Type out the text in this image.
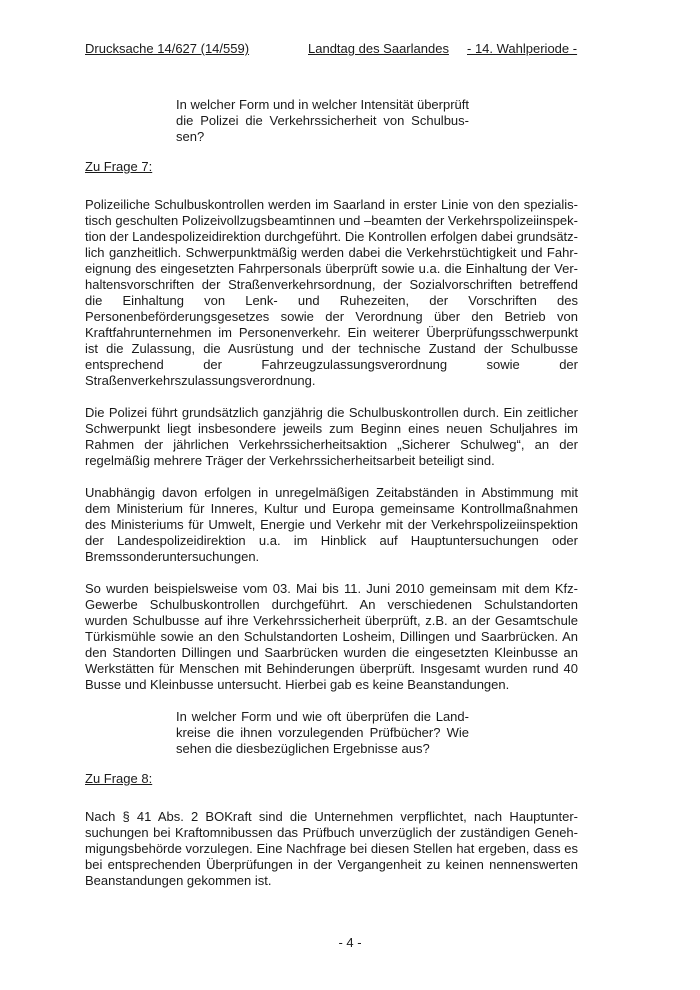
Drucksache 14/627 (14/559)	Landtag des Saarlandes - 14. Wahlperiode -
In welcher Form und in welcher Intensität überprüft die Polizei die Verkehrssicherheit von Schulbussen?
Zu Frage 7:

Polizeiliche Schulbuskontrollen werden im Saarland in erster Linie von den spezialistisch geschulten Polizeivollzugsbeamtinnen und –beamten der Verkehrspolizeiinspektion der Landespolizeidirektion durchgeführt. Die Kontrollen erfolgen dabei grundsätzlich ganzheitlich. Schwerpunktmäßig werden dabei die Verkehrstüchtigkeit und Fahreignung des eingesetzten Fahrpersonals überprüft sowie u.a. die Einhaltung der Verhaltensvorschriften der Straßenverkehrsordnung, der Sozialvorschriften betreffend die Einhaltung von Lenk- und Ruhezeiten, der Vorschriften des Personenbeförderungsgesetzes sowie der Verordnung über den Betrieb von Kraftfahrunternehmen im Personenverkehr. Ein weiterer Überprüfungsschwerpunkt ist die Zulassung, die Ausrüstung und der technische Zustand der Schulbusse entsprechend der Fahrzeugzulassungsverordnung sowie der Straßenverkehrszulassungsverordnung.

Die Polizei führt grundsätzlich ganzjährig die Schulbuskontrollen durch. Ein zeitlicher Schwerpunkt liegt insbesondere jeweils zum Beginn eines neuen Schuljahres im Rahmen der jährlichen Verkehrssicherheitsaktion „Sicherer Schulweg“, an der regelmäßig mehrere Träger der Verkehrssicherheitsarbeit beteiligt sind.

Unabhängig davon erfolgen in unregelmäßigen Zeitabständen in Abstimmung mit dem Ministerium für Inneres, Kultur und Europa gemeinsame Kontrollmaßnahmen des Ministeriums für Umwelt, Energie und Verkehr mit der Verkehrspolizeiinspektion der Landespolizeidirektion u.a. im Hinblick auf Hauptuntersuchungen oder Bremssonderuntersuchungen.

So wurden beispielsweise vom 03. Mai bis 11. Juni 2010 gemeinsam mit dem Kfz-Gewerbe Schulbuskontrollen durchgeführt. An verschiedenen Schulstandorten wurden Schulbusse auf ihre Verkehrssicherheit überprüft, z.B. an der Gesamtschule Türkismühle sowie an den Schulstandorten Losheim, Dillingen und Saarbrücken. An den Standorten Dillingen und Saarbrücken wurden die eingesetzten Kleinbusse an Werkstätten für Menschen mit Behinderungen überprüft. Insgesamt wurden rund 40 Busse und Kleinbusse untersucht. Hierbei gab es keine Beanstandungen.

In welcher Form und wie oft überprüfen die Landkreise die ihnen vorzulegenden Prüfbücher? Wie sehen die diesbezüglichen Ergebnisse aus?
Zu Frage 8:

Nach § 41 Abs. 2 BOKraft sind die Unternehmen verpflichtet, nach Hauptuntersuchungen bei Kraftomnibussen das Prüfbuch unverzüglich der zuständigen Genehmigungsbehörde vorzulegen. Eine Nachfrage bei diesen Stellen hat ergeben, dass es bei entsprechenden Überprüfungen in der Vergangenheit zu keinen nennenswerten Beanstandungen gekommen ist.

- 4 -
